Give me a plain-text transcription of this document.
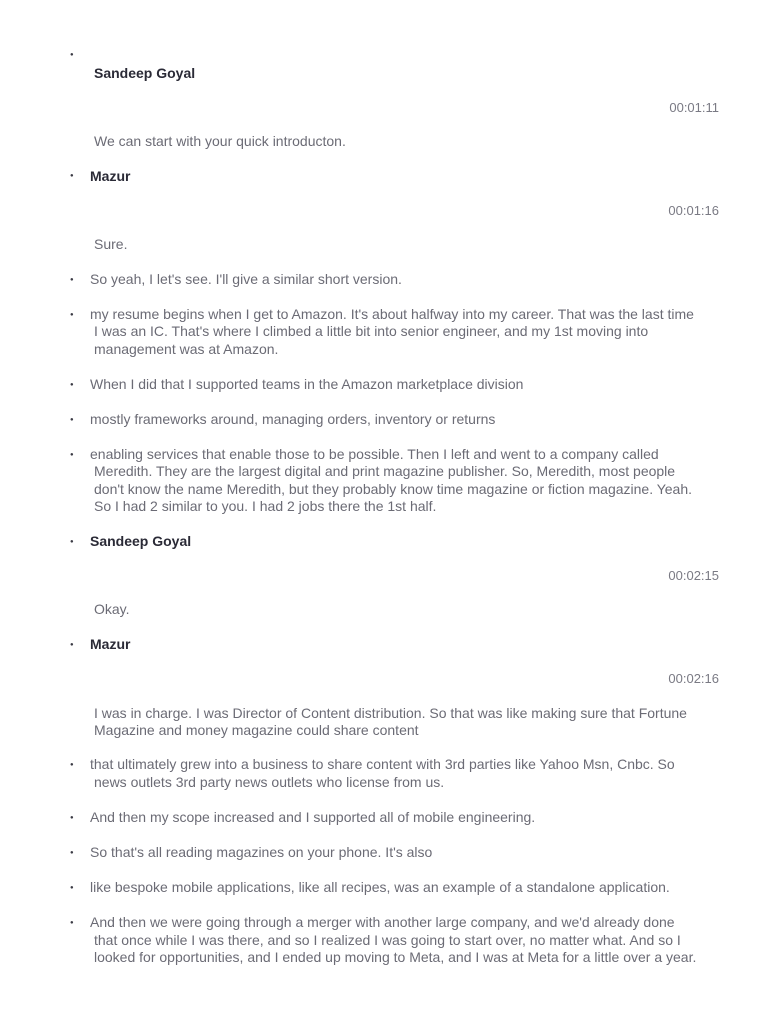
●
Sandeep Goyal
00:01:11
We can start with your quick introducton.
●
Mazur
00:01:16
Sure.
●
So yeah, I let's see. I'll give a similar short version.
●
my resume begins when I get to Amazon. It's about halfway into my career. That was the last time
I was an IC. That's where I climbed a little bit into senior engineer, and my 1st moving into
management was at Amazon.
●
When I did that I supported teams in the Amazon marketplace division
●
mostly frameworks around, managing orders, inventory or returns
●
enabling services that enable those to be possible. Then I left and went to a company called
Meredith. They are the largest digital and print magazine publisher. So, Meredith, most people
don't know the name Meredith, but they probably know time magazine or fiction magazine. Yeah.
So I had 2 similar to you. I had 2 jobs there the 1st half.
●
Sandeep Goyal
00:02:15
Okay.
●
Mazur
00:02:16
I was in charge. I was Director of Content distribution. So that was like making sure that Fortune
Magazine and money magazine could share content
●
that ultimately grew into a business to share content with 3rd parties like Yahoo Msn, Cnbc. So
news outlets 3rd party news outlets who license from us.
●
And then my scope increased and I supported all of mobile engineering.
●
So that's all reading magazines on your phone. It's also
●
like bespoke mobile applications, like all recipes, was an example of a standalone application.
●
And then we were going through a merger with another large company, and we'd already done
that once while I was there, and so I realized I was going to start over, no matter what. And so I
looked for opportunities, and I ended up moving to Meta, and I was at Meta for a little over a year.
